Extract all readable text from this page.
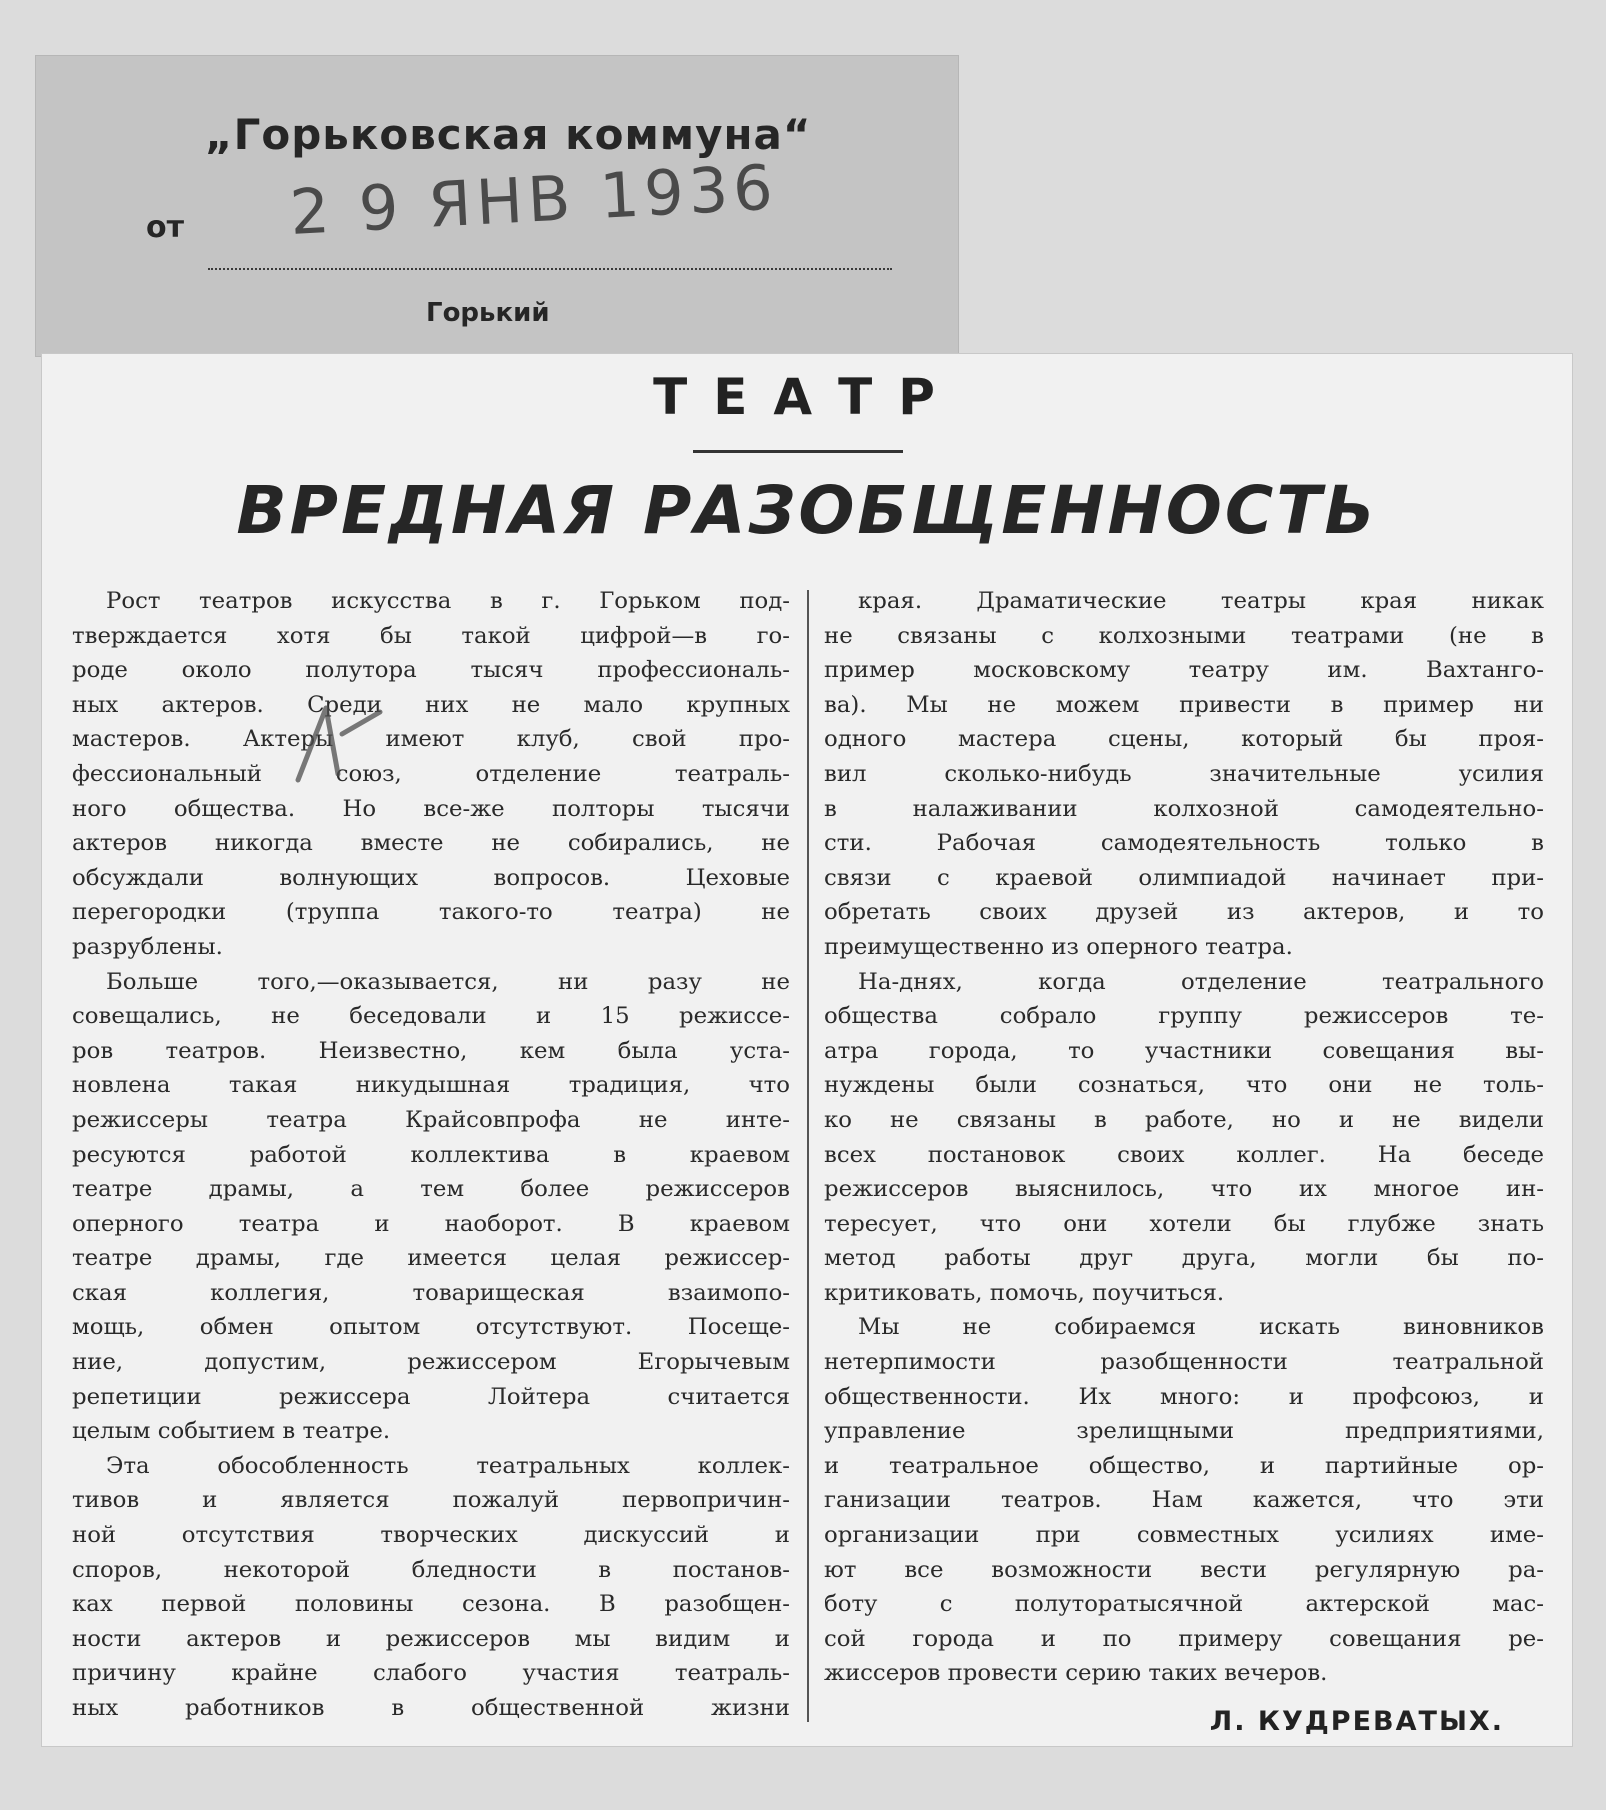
„Горьковская коммуна“
от 2 9 ЯНВ 1936
Горький
ТЕАТР
ВРЕДНАЯ РАЗОБЩЕННОСТЬ

Рост театров искусства в г. Горьком под-

тверждается хотя бы такой цифрой—в го-

роде около полутора тысяч профессиональ-

ных актеров. Среди них не мало крупных

мастеров. Актеры имеют клуб, свой про-

фессиональный союз, отделение театраль-

ного общества. Но все-же полторы тысячи

актеров никогда вместе не собирались, не

обсуждали волнующих вопросов. Цеховые

перегородки (труппа такого-то театра) не

разрублены.

Больше того,—оказывается, ни разу не

совещались, не беседовали и 15 режиссе-

ров театров. Неизвестно, кем была уста-

новлена такая никудышная традиция, что

режиссеры театра Крайсовпрофа не инте-

ресуются работой коллектива в краевом

театре драмы, а тем более режиссеров

оперного театра и наоборот. В краевом

театре драмы, где имеется целая режиссер-

ская коллегия, товарищеская взаимопо-

мощь, обмен опытом отсутствуют. Посеще-

ние, допустим, режиссером Егорычевым

репетиции режиссера Лойтера считается

целым событием в театре.

Эта обособленность театральных коллек-

тивов и является пожалуй первопричин-

ной отсутствия творческих дискуссий и

споров, некоторой бледности в постанов-

ках первой половины сезона. В разобщен-

ности актеров и режиссеров мы видим и

причину крайне слабого участия театраль-

ных работников в общественной жизни

края. Драматические театры края никак

не связаны с колхозными театрами (не в

пример московскому театру им. Вахтанго-

ва). Мы не можем привести в пример ни

одного мастера сцены, который бы проя-

вил сколько-нибудь значительные усилия

в налаживании колхозной самодеятельно-

сти. Рабочая самодеятельность только в

связи с краевой олимпиадой начинает при-

обретать своих друзей из актеров, и то

преимущественно из оперного театра.

На-днях, когда отделение театрального

общества собрало группу режиссеров те-

атра города, то участники совещания вы-

нуждены были сознаться, что они не толь-

ко не связаны в работе, но и не видели

всех постановок своих коллег. На беседе

режиссеров выяснилось, что их многое ин-

тересует, что они хотели бы глубже знать

метод работы друг друга, могли бы по-

критиковать, помочь, поучиться.

Мы не собираемся искать виновников

нетерпимости разобщенности театральной

общественности. Их много: и профсоюз, и

управление зрелищными предприятиями,

и театральное общество, и партийные ор-

ганизации театров. Нам кажется, что эти

организации при совместных усилиях име-

ют все возможности вести регулярную ра-

боту с полуторатысячной актерской мас-

сой города и по примеру совещания ре-

жиссеров провести серию таких вечеров.

Л. КУДРЕВАТЫХ.
